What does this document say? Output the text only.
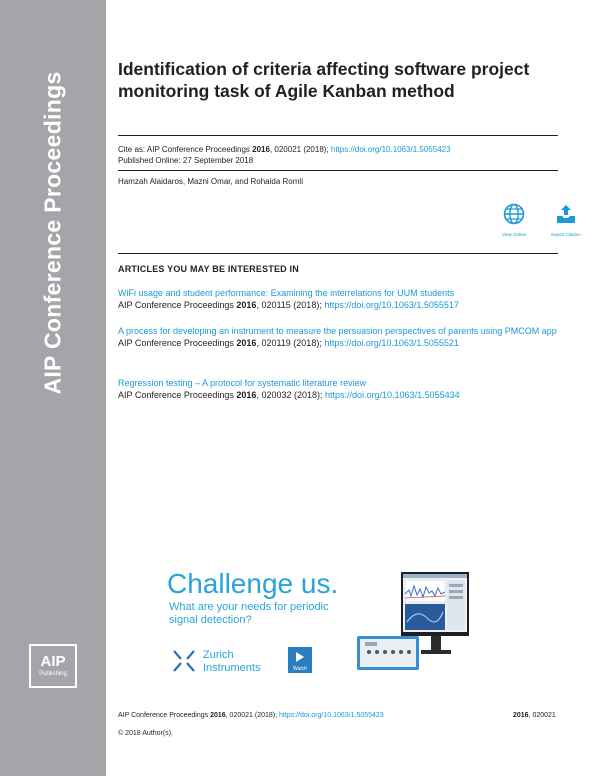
AIP Conference Proceedings
AIP
Publishing
Identification of criteria affecting software project monitoring task of Agile Kanban method
Cite as: AIP Conference Proceedings 2016, 020021 (2018); https://doi.org/10.1063/1.5055423
Published Online: 27 September 2018
Hamzah Alaidaros, Mazni Omar, and Rohaida Romli
View Online	Export Citation
ARTICLES YOU MAY BE INTERESTED IN
WiFi usage and student performance: Examining the interrelations for UUM students
AIP Conference Proceedings 2016, 020115 (2018); https://doi.org/10.1063/1.5055517
A process for developing an instrument to measure the persuasion perspectives of parents using PMCOM app
AIP Conference Proceedings 2016, 020119 (2018); https://doi.org/10.1063/1.5055521
Regression testing – A protocol for systematic literature review
AIP Conference Proceedings 2016, 020032 (2018); https://doi.org/10.1063/1.5055434
Challenge us.
What are your needs for periodic signal detection?
Zurich
Instruments	Watch
AIP Conference Proceedings 2016, 020021 (2018); https://doi.org/10.1063/1.5055423	2016, 020021
© 2018 Author(s).
